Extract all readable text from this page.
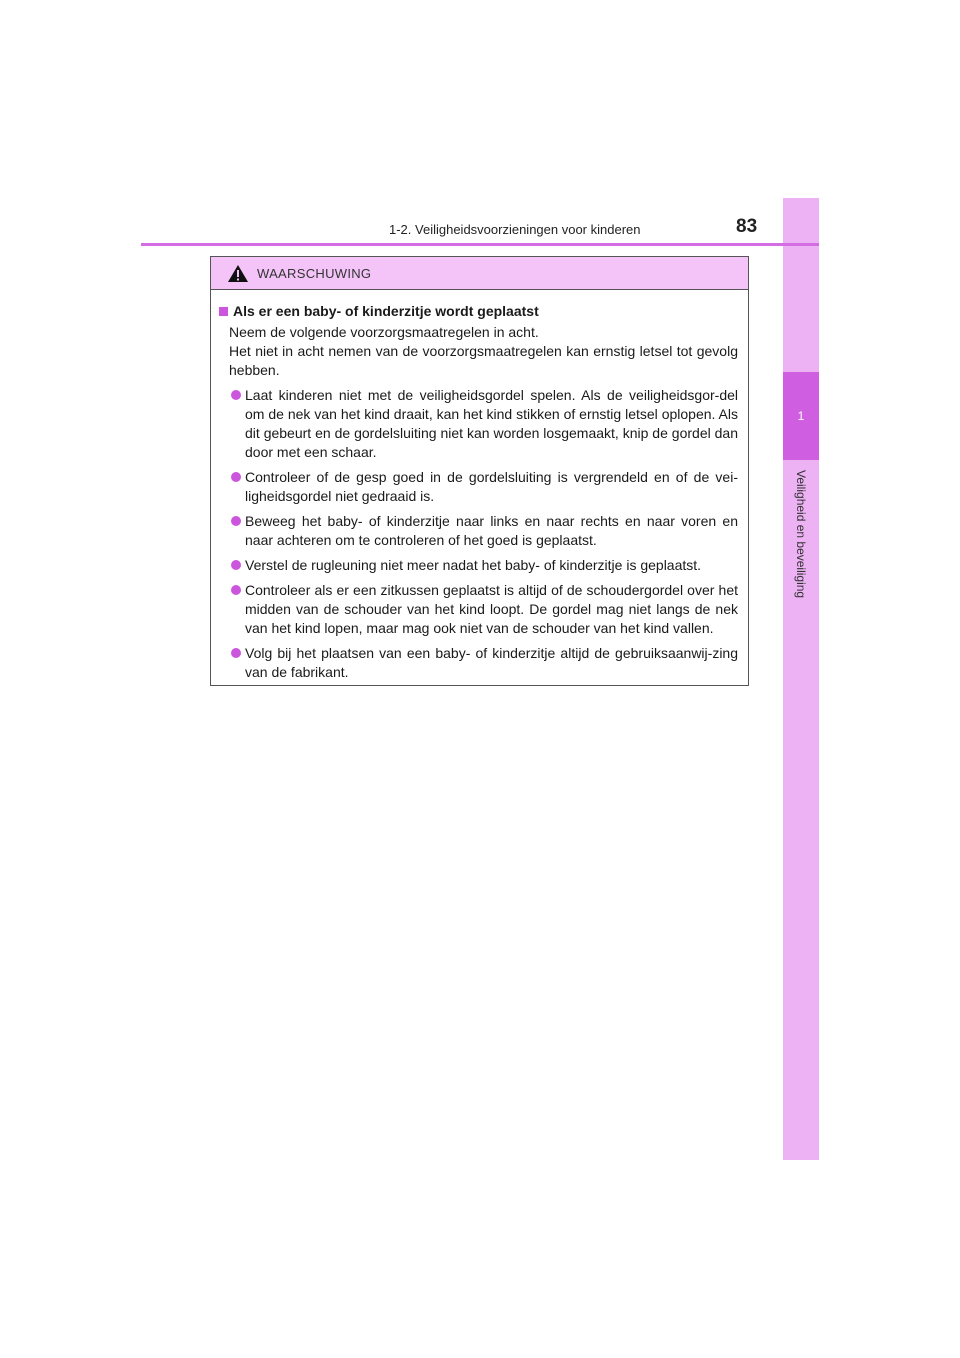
1
Veiligheid en beveiliging
1-2. Veiligheidsvoorzieningen voor kinderen	83
WAARSCHUWING
Als er een baby- of kinderzitje wordt geplaatst
Neem de volgende voorzorgsmaatregelen in acht.
Het niet in acht nemen van de voorzorgsmaatregelen kan ernstig letsel tot gevolg hebben.
Laat kinderen niet met de veiligheidsgordel spelen. Als de veiligheidsgor-del om de nek van het kind draait, kan het kind stikken of ernstig letsel oplopen. Als dit gebeurt en de gordelsluiting niet kan worden losgemaakt, knip de gordel dan door met een schaar.
Controleer of de gesp goed in de gordelsluiting is vergrendeld en of de vei-ligheidsgordel niet gedraaid is.
Beweeg het baby- of kinderzitje naar links en naar rechts en naar voren en naar achteren om te controleren of het goed is geplaatst.
Verstel de rugleuning niet meer nadat het baby- of kinderzitje is geplaatst.
Controleer als er een zitkussen geplaatst is altijd of de schoudergordel over het midden van de schouder van het kind loopt. De gordel mag niet langs de nek van het kind lopen, maar mag ook niet van de schouder van het kind vallen.
Volg bij het plaatsen van een baby- of kinderzitje altijd de gebruiksaanwij-zing van de fabrikant.
